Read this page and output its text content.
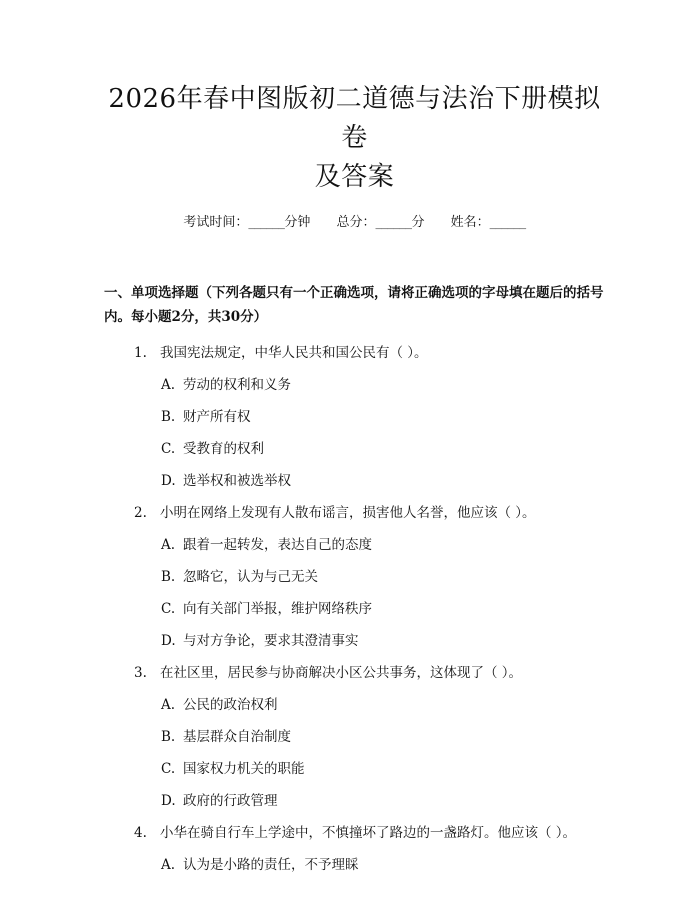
2026年春中图版初二道德与法治下册模拟卷
及答案
考试时间：______分钟 总分：______分 姓名：______
一、单项选择题（下列各题只有一个正确选项，请将正确选项的字母填在题后的括号内。每小题2分，共30分）
1. 我国宪法规定，中华人民共和国公民有（ ）。
A. 劳动的权利和义务
B. 财产所有权
C. 受教育的权利
D. 选举权和被选举权
2. 小明在网络上发现有人散布谣言，损害他人名誉，他应该（ ）。
A. 跟着一起转发，表达自己的态度
B. 忽略它，认为与己无关
C. 向有关部门举报，维护网络秩序
D. 与对方争论，要求其澄清事实
3. 在社区里，居民参与协商解决小区公共事务，这体现了（ ）。
A. 公民的政治权利
B. 基层群众自治制度
C. 国家权力机关的职能
D. 政府的行政管理
4. 小华在骑自行车上学途中，不慎撞坏了路边的一盏路灯。他应该（ ）。
A. 认为是小路的责任，不予理睬
